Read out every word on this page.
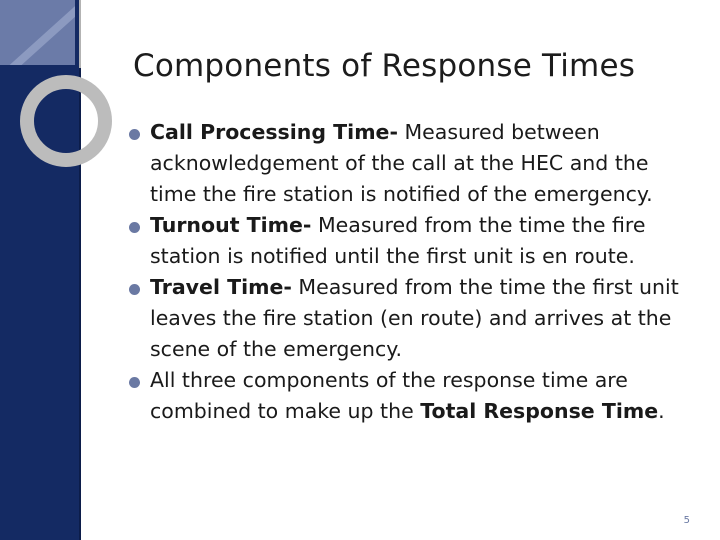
Components of Response Times
Call Processing Time- Measured between acknowledgement of the call at the HEC and the time the fire station is notified of the emergency.
Turnout Time- Measured from the time the fire station is notified until the first unit is en route.
Travel Time- Measured from the time the first unit leaves the fire station (en route) and arrives at the scene of the emergency.
All three components of the response time are combined to make up the Total Response Time.
5
